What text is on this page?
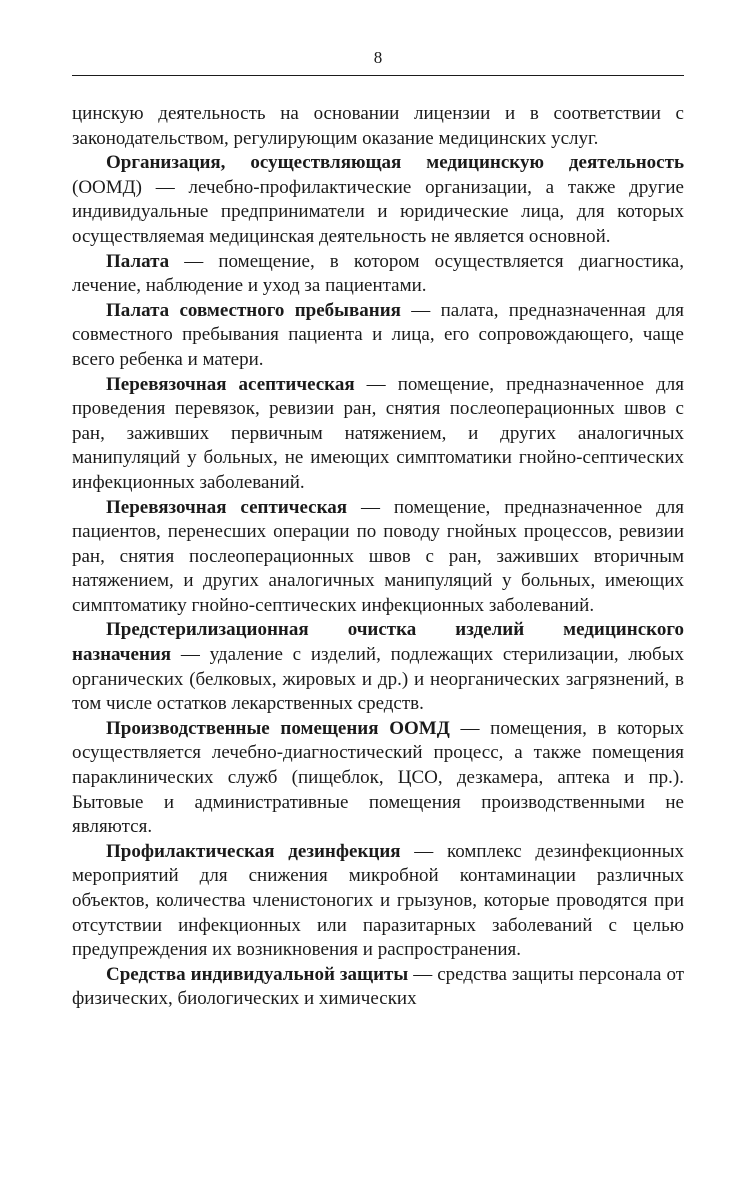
8

цинскую деятельность на основании лицензии и в соответствии с законодательством, регулирующим оказание медицинских услуг.

Организация, осуществляющая медицинскую деятельность (ООМД) — лечебно-профилактические организации, а также другие индивидуальные предприниматели и юридические лица, для которых осуществляемая медицинская деятельность не является основной.

Палата — помещение, в котором осуществляется диагностика, лечение, наблюдение и уход за пациентами.

Палата совместного пребывания — палата, предназначенная для совместного пребывания пациента и лица, его сопровождающего, чаще всего ребенка и матери.

Перевязочная асептическая — помещение, предназначенное для проведения перевязок, ревизии ран, снятия послеоперационных швов с ран, заживших первичным натяжением, и других аналогичных манипуляций у больных, не имеющих симптоматики гнойно-септических инфекционных заболеваний.

Перевязочная септическая — помещение, предназначенное для пациентов, перенесших операции по поводу гнойных процессов, ревизии ран, снятия послеоперационных швов с ран, заживших вторичным натяжением, и других аналогичных манипуляций у больных, имеющих симптоматику гнойно-септических инфекционных заболеваний.

Предстерилизационная очистка изделий медицинского назначения — удаление с изделий, подлежащих стерилизации, любых органических (белковых, жировых и др.) и неорганических загрязнений, в том числе остатков лекарственных средств.

Производственные помещения ООМД — помещения, в которых осуществляется лечебно-диагностический процесс, а также помещения параклинических служб (пищеблок, ЦСО, дезкамера, аптека и пр.). Бытовые и административные помещения производственными не являются.

Профилактическая дезинфекция — комплекс дезинфекционных мероприятий для снижения микробной контаминации различных объектов, количества членистоногих и грызунов, которые проводятся при отсутствии инфекционных или паразитарных заболеваний с целью предупреждения их возникновения и распространения.

Средства индивидуальной защиты — средства защиты персонала от физических, биологических и химических
